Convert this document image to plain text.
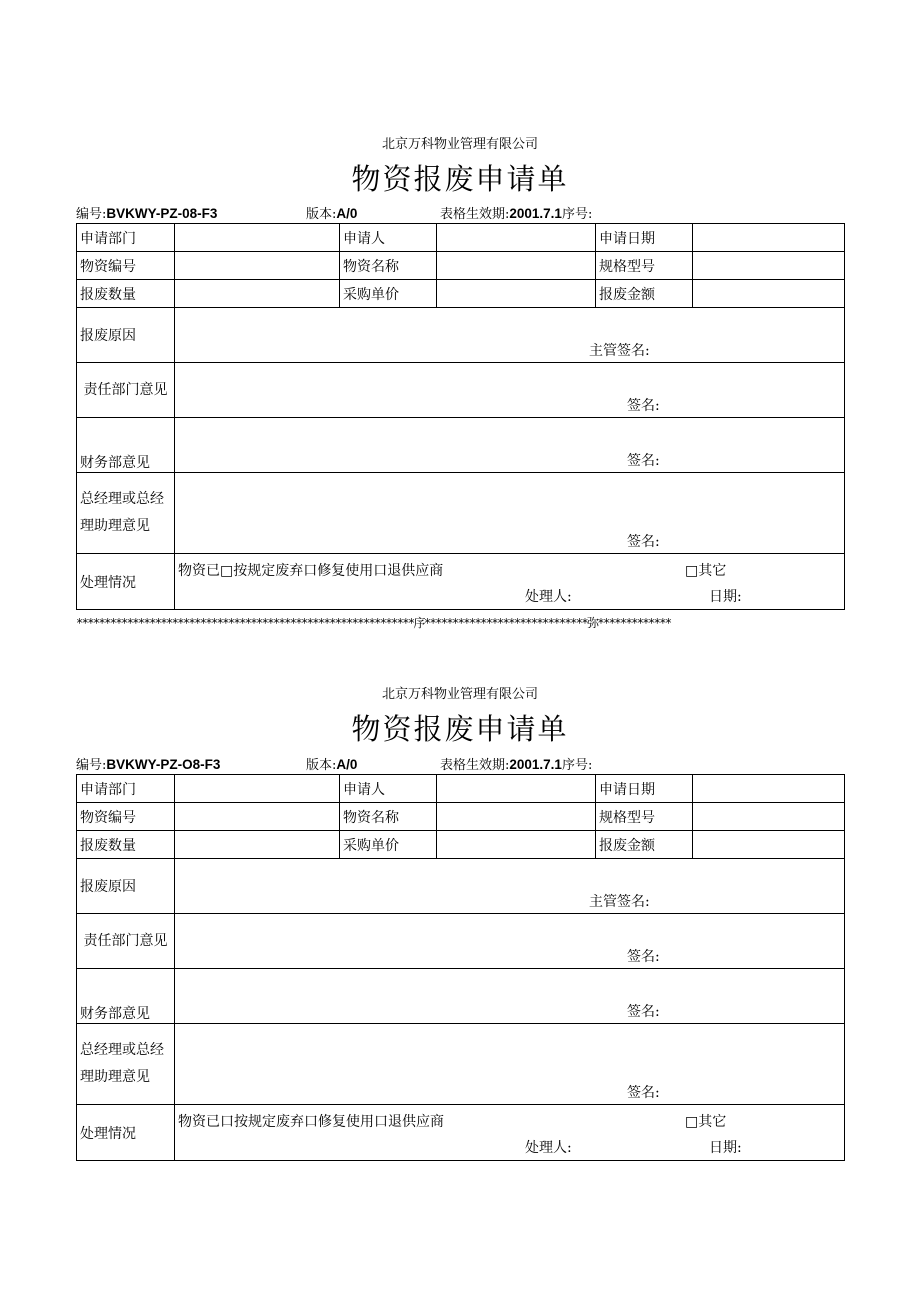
北京万科物业管理有限公司
物资报废申请单
编号:BVKWY-PZ-08-F3	版本:A/0	表格生效期:2001.7.1序号:
申请部门		申请人		申请日期	
物资编号		物资名称		规格型号	
报废数量		采购单价		报废金额	
报废原因	主管签名:				

责任部门意见	签名:				

财务部意见	签名:				

总经理或总经理助理意见	签名:				

处理情况	物资已□按规定废弃口修复使用口退供应商 □其它
处理人: 日期:				
************************************************************序*****************************弥*************
北京万科物业管理有限公司
物资报废申请单
编号:BVKWY-PZ-O8-F3	版本:A/0	表格生效期:2001.7.1序号:
申请部门		申请人		申请日期	
物资编号		物资名称		规格型号	
报废数量		采购单价		报废金额	
报废原因	主管签名:				

责任部门意见	签名:				

财务部意见	签名:				

总经理或总经理助理意见	签名:				

处理情况	物资已口按规定废弃口修复使用口退供应商 □其它
处理人: 日期:				
